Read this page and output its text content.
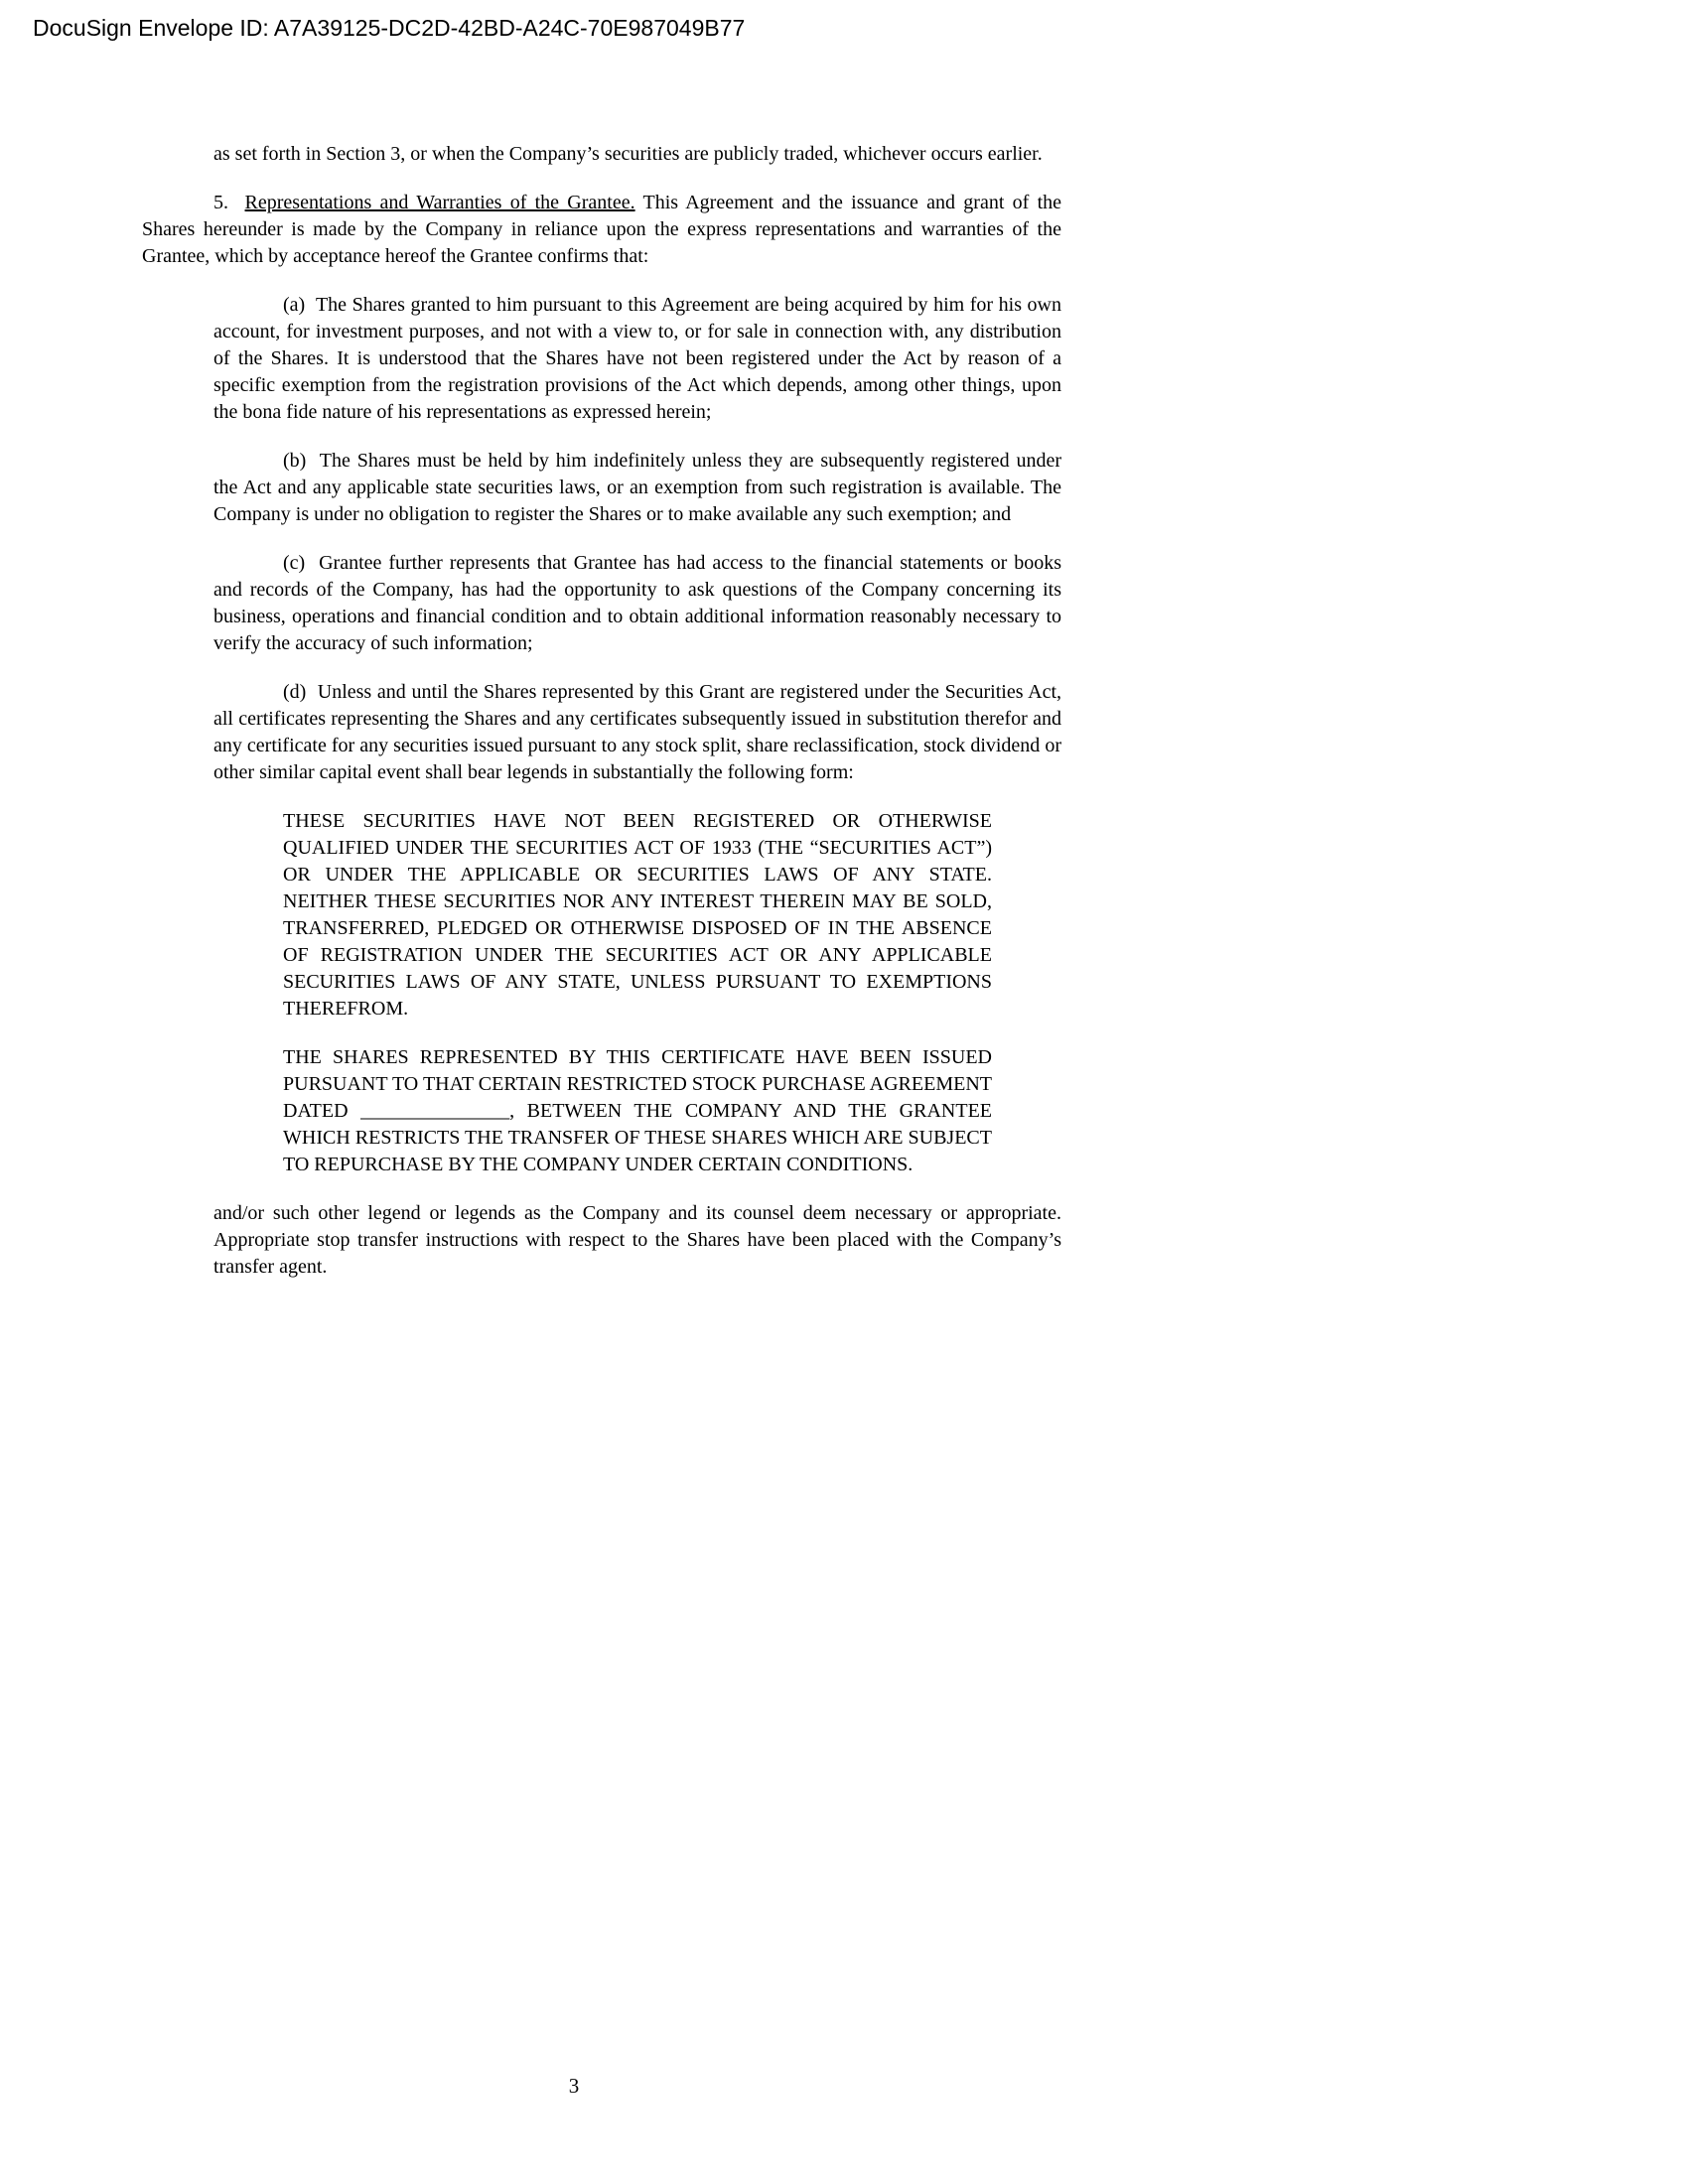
DocuSign Envelope ID: A7A39125-DC2D-42BD-A24C-70E987049B77

as set forth in Section 3, or when the Company’s securities are publicly traded, whichever occurs earlier.

5. Representations and Warranties of the Grantee. This Agreement and the issuance and grant of the Shares hereunder is made by the Company in reliance upon the express representations and warranties of the Grantee, which by acceptance hereof the Grantee confirms that:

(a) The Shares granted to him pursuant to this Agreement are being acquired by him for his own account, for investment purposes, and not with a view to, or for sale in connection with, any distribution of the Shares. It is understood that the Shares have not been registered under the Act by reason of a specific exemption from the registration provisions of the Act which depends, among other things, upon the bona fide nature of his representations as expressed herein;

(b) The Shares must be held by him indefinitely unless they are subsequently registered under the Act and any applicable state securities laws, or an exemption from such registration is available. The Company is under no obligation to register the Shares or to make available any such exemption; and

(c) Grantee further represents that Grantee has had access to the financial statements or books and records of the Company, has had the opportunity to ask questions of the Company concerning its business, operations and financial condition and to obtain additional information reasonably necessary to verify the accuracy of such information;

(d) Unless and until the Shares represented by this Grant are registered under the Securities Act, all certificates representing the Shares and any certificates subsequently issued in substitution therefor and any certificate for any securities issued pursuant to any stock split, share reclassification, stock dividend or other similar capital event shall bear legends in substantially the following form:

THESE SECURITIES HAVE NOT BEEN REGISTERED OR OTHERWISE QUALIFIED UNDER THE SECURITIES ACT OF 1933 (THE “SECURITIES ACT”) OR UNDER THE APPLICABLE OR SECURITIES LAWS OF ANY STATE. NEITHER THESE SECURITIES NOR ANY INTEREST THEREIN MAY BE SOLD, TRANSFERRED, PLEDGED OR OTHERWISE DISPOSED OF IN THE ABSENCE OF REGISTRATION UNDER THE SECURITIES ACT OR ANY APPLICABLE SECURITIES LAWS OF ANY STATE, UNLESS PURSUANT TO EXEMPTIONS THEREFROM.

THE SHARES REPRESENTED BY THIS CERTIFICATE HAVE BEEN ISSUED PURSUANT TO THAT CERTAIN RESTRICTED STOCK PURCHASE AGREEMENT DATED _______________, BETWEEN THE COMPANY AND THE GRANTEE WHICH RESTRICTS THE TRANSFER OF THESE SHARES WHICH ARE SUBJECT TO REPURCHASE BY THE COMPANY UNDER CERTAIN CONDITIONS.

and/or such other legend or legends as the Company and its counsel deem necessary or appropriate. Appropriate stop transfer instructions with respect to the Shares have been placed with the Company’s transfer agent.

3
